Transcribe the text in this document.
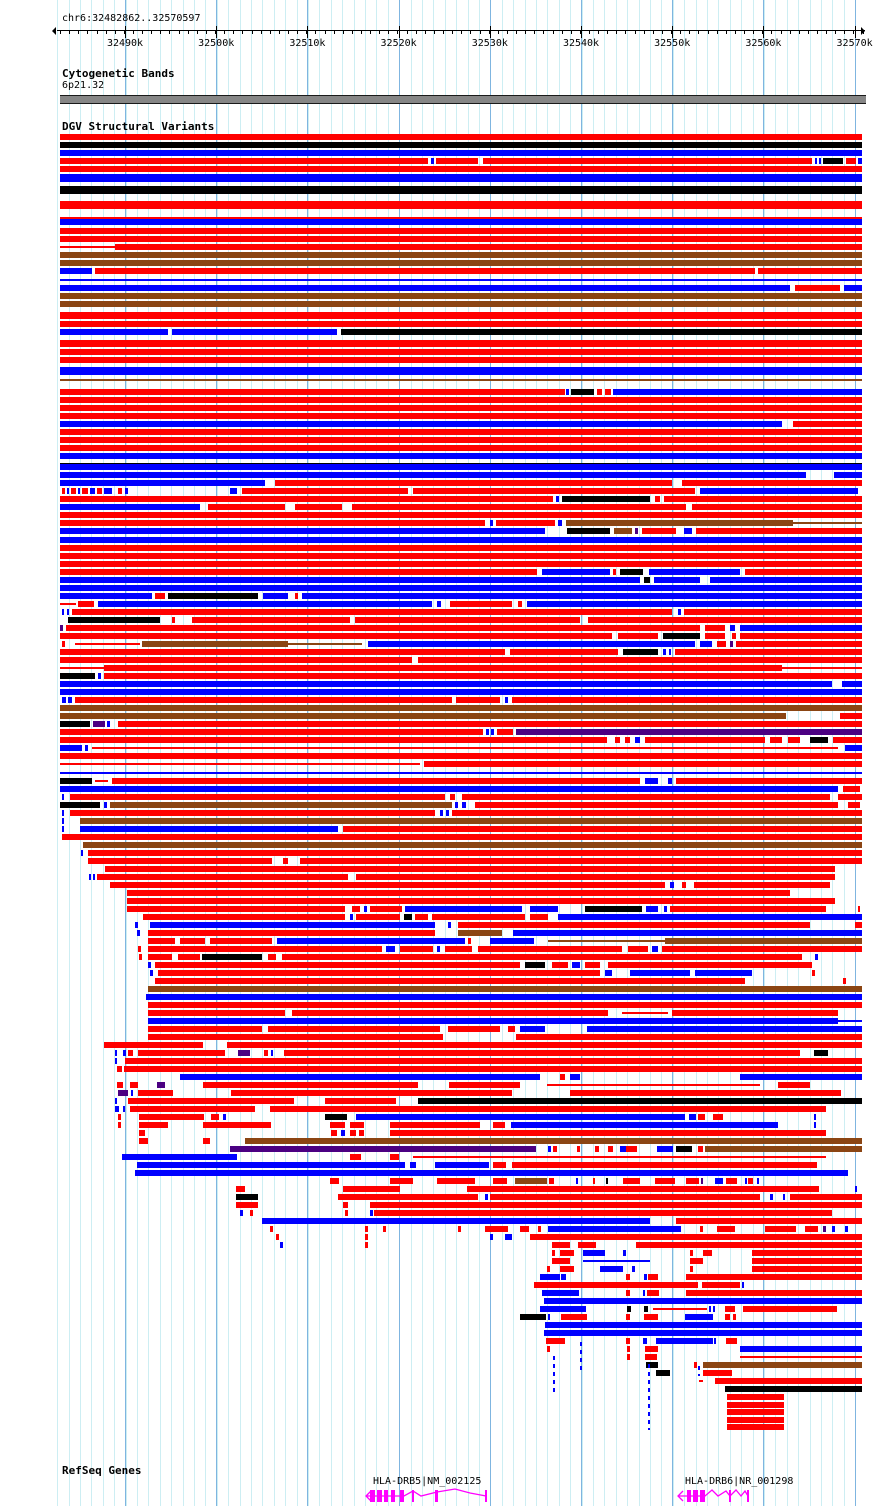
chr6:32482862..32570597
32490k	32500k	32510k	32520k	32530k	32540k	32550k	32560k	32570k
Cytogenetic Bands
6p21.32
DGV Structural Variants
RefSeq Genes
HLA-DRB5|NM_002125	HLA-DRB6|NR_001298
